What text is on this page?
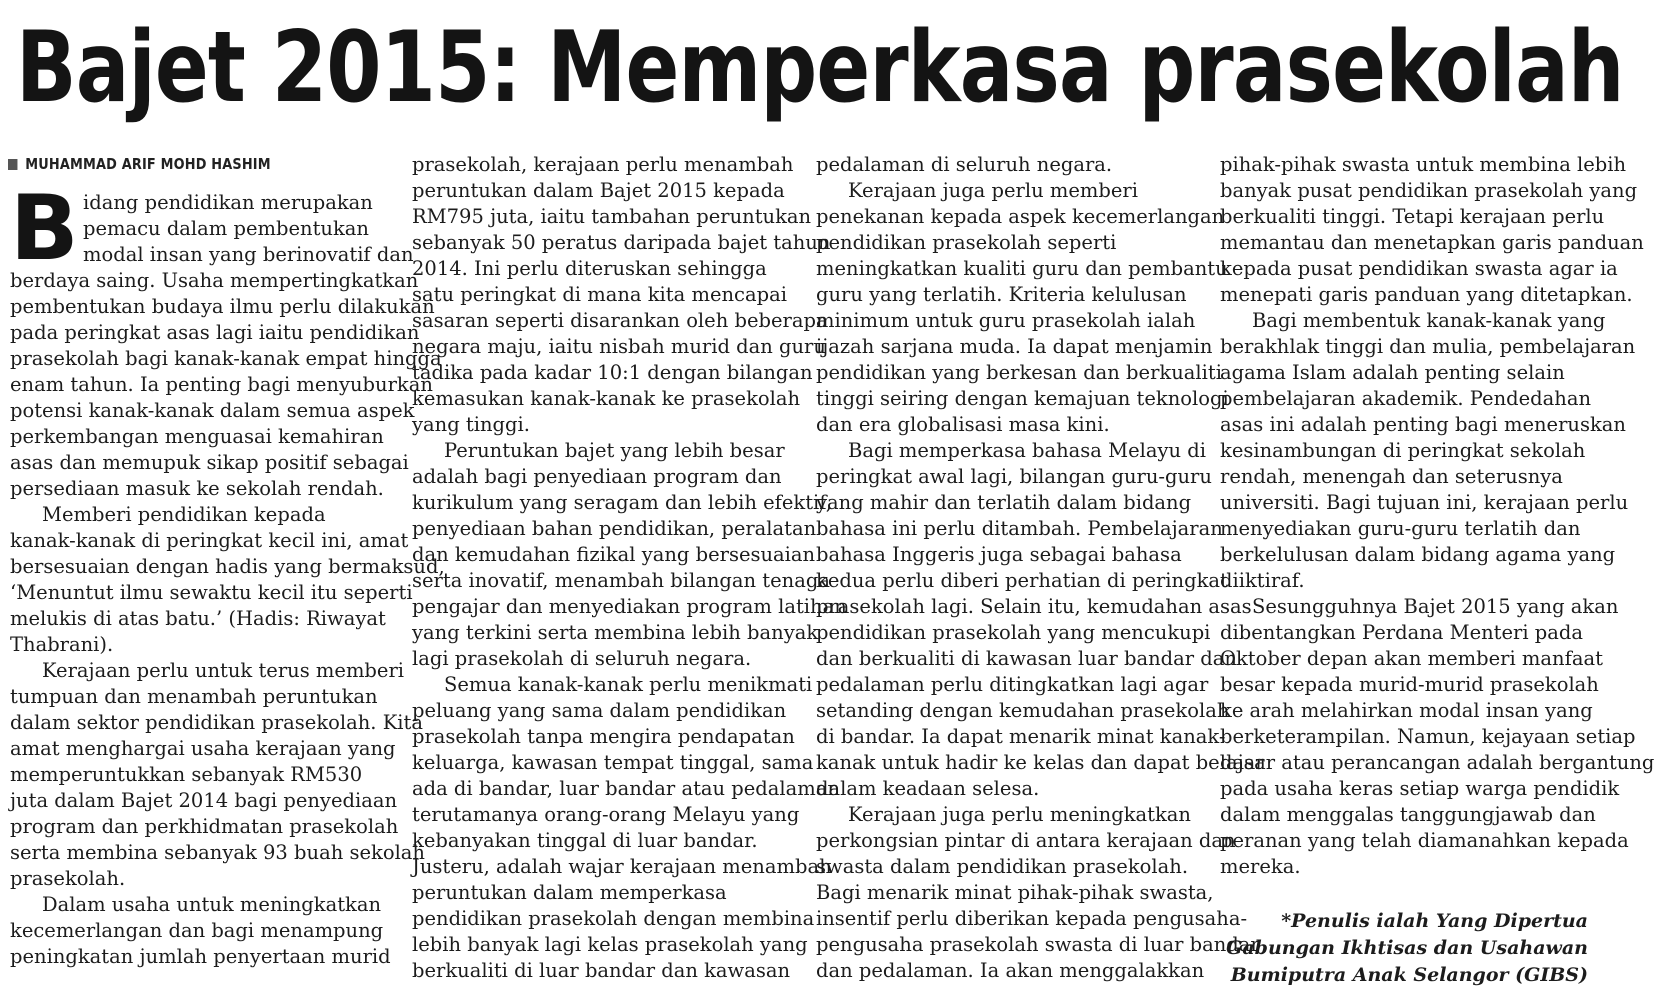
Bajet 2015: Memperkasa prasekolah
MUHAMMAD ARIF MOHD HASHIM
B idang pendidikan merupakan
pemacu dalam pembentukan
modal insan yang berinovatif dan
berdaya saing. Usaha mempertingkatkan
pembentukan budaya ilmu perlu dilakukan
pada peringkat asas lagi iaitu pendidikan
prasekolah bagi kanak-kanak empat hingga
enam tahun. Ia penting bagi menyuburkan
potensi kanak-kanak dalam semua aspek
perkembangan menguasai kemahiran
asas dan memupuk sikap positif sebagai
persediaan masuk ke sekolah rendah.
Memberi pendidikan kepada
kanak-kanak di peringkat kecil ini, amat
bersesuaian dengan hadis yang bermaksud,
‘Menuntut ilmu sewaktu kecil itu seperti
melukis di atas batu.’ (Hadis: Riwayat
Thabrani).
Kerajaan perlu untuk terus memberi
tumpuan dan menambah peruntukan
dalam sektor pendidikan prasekolah. Kita
amat menghargai usaha kerajaan yang
memperuntukkan sebanyak RM530
juta dalam Bajet 2014 bagi penyediaan
program dan perkhidmatan prasekolah
serta membina sebanyak 93 buah sekolah
prasekolah.
Dalam usaha untuk meningkatkan
kecemerlangan dan bagi menampung
peningkatan jumlah penyertaan murid
prasekolah, kerajaan perlu menambah
peruntukan dalam Bajet 2015 kepada
RM795 juta, iaitu tambahan peruntukan
sebanyak 50 peratus daripada bajet tahun
2014. Ini perlu diteruskan sehingga
satu peringkat di mana kita mencapai
sasaran seperti disarankan oleh beberapa
negara maju, iaitu nisbah murid dan guru
tadika pada kadar 10:1 dengan bilangan
kemasukan kanak-kanak ke prasekolah
yang tinggi.
Peruntukan bajet yang lebih besar
adalah bagi penyediaan program dan
kurikulum yang seragam dan lebih efektif,
penyediaan bahan pendidikan, peralatan
dan kemudahan fizikal yang bersesuaian
serta inovatif, menambah bilangan tenaga
pengajar dan menyediakan program latihan
yang terkini serta membina lebih banyak
lagi prasekolah di seluruh negara.
Semua kanak-kanak perlu menikmati
peluang yang sama dalam pendidikan
prasekolah tanpa mengira pendapatan
keluarga, kawasan tempat tinggal, sama
ada di bandar, luar bandar atau pedalaman
terutamanya orang-orang Melayu yang
kebanyakan tinggal di luar bandar.
Justeru, adalah wajar kerajaan menambah
peruntukan dalam memperkasa
pendidikan prasekolah dengan membina
lebih banyak lagi kelas prasekolah yang
berkualiti di luar bandar dan kawasan
pedalaman di seluruh negara.
Kerajaan juga perlu memberi
penekanan kepada aspek kecemerlangan
pendidikan prasekolah seperti
meningkatkan kualiti guru dan pembantu
guru yang terlatih. Kriteria kelulusan
minimum untuk guru prasekolah ialah
ijazah sarjana muda. Ia dapat menjamin
pendidikan yang berkesan dan berkualiti
tinggi seiring dengan kemajuan teknologi
dan era globalisasi masa kini.
Bagi memperkasa bahasa Melayu di
peringkat awal lagi, bilangan guru-guru
yang mahir dan terlatih dalam bidang
bahasa ini perlu ditambah. Pembelajaran
bahasa Inggeris juga sebagai bahasa
kedua perlu diberi perhatian di peringkat
prasekolah lagi. Selain itu, kemudahan asas
pendidikan prasekolah yang mencukupi
dan berkualiti di kawasan luar bandar dan
pedalaman perlu ditingkatkan lagi agar
setanding dengan kemudahan prasekolah
di bandar. Ia dapat menarik minat kanak-
kanak untuk hadir ke kelas dan dapat belajar
dalam keadaan selesa.
Kerajaan juga perlu meningkatkan
perkongsian pintar di antara kerajaan dan
swasta dalam pendidikan prasekolah.
Bagi menarik minat pihak-pihak swasta,
insentif perlu diberikan kepada pengusaha-
pengusaha prasekolah swasta di luar bandar
dan pedalaman. Ia akan menggalakkan
pihak-pihak swasta untuk membina lebih
banyak pusat pendidikan prasekolah yang
berkualiti tinggi. Tetapi kerajaan perlu
memantau dan menetapkan garis panduan
kepada pusat pendidikan swasta agar ia
menepati garis panduan yang ditetapkan.
Bagi membentuk kanak-kanak yang
berakhlak tinggi dan mulia, pembelajaran
agama Islam adalah penting selain
pembelajaran akademik. Pendedahan
asas ini adalah penting bagi meneruskan
kesinambungan di peringkat sekolah
rendah, menengah dan seterusnya
universiti. Bagi tujuan ini, kerajaan perlu
menyediakan guru-guru terlatih dan
berkelulusan dalam bidang agama yang
diiktiraf.
Sesungguhnya Bajet 2015 yang akan
dibentangkan Perdana Menteri pada
Oktober depan akan memberi manfaat
besar kepada murid-murid prasekolah
ke arah melahirkan modal insan yang
berketerampilan. Namun, kejayaan setiap
dasar atau perancangan adalah bergantung
pada usaha keras setiap warga pendidik
dalam menggalas tanggungjawab dan
peranan yang telah diamanahkan kepada
mereka.
*Penulis ialah Yang Dipertua
Gabungan Ikhtisas dan Usahawan
Bumiputra Anak Selangor (GIBS)
